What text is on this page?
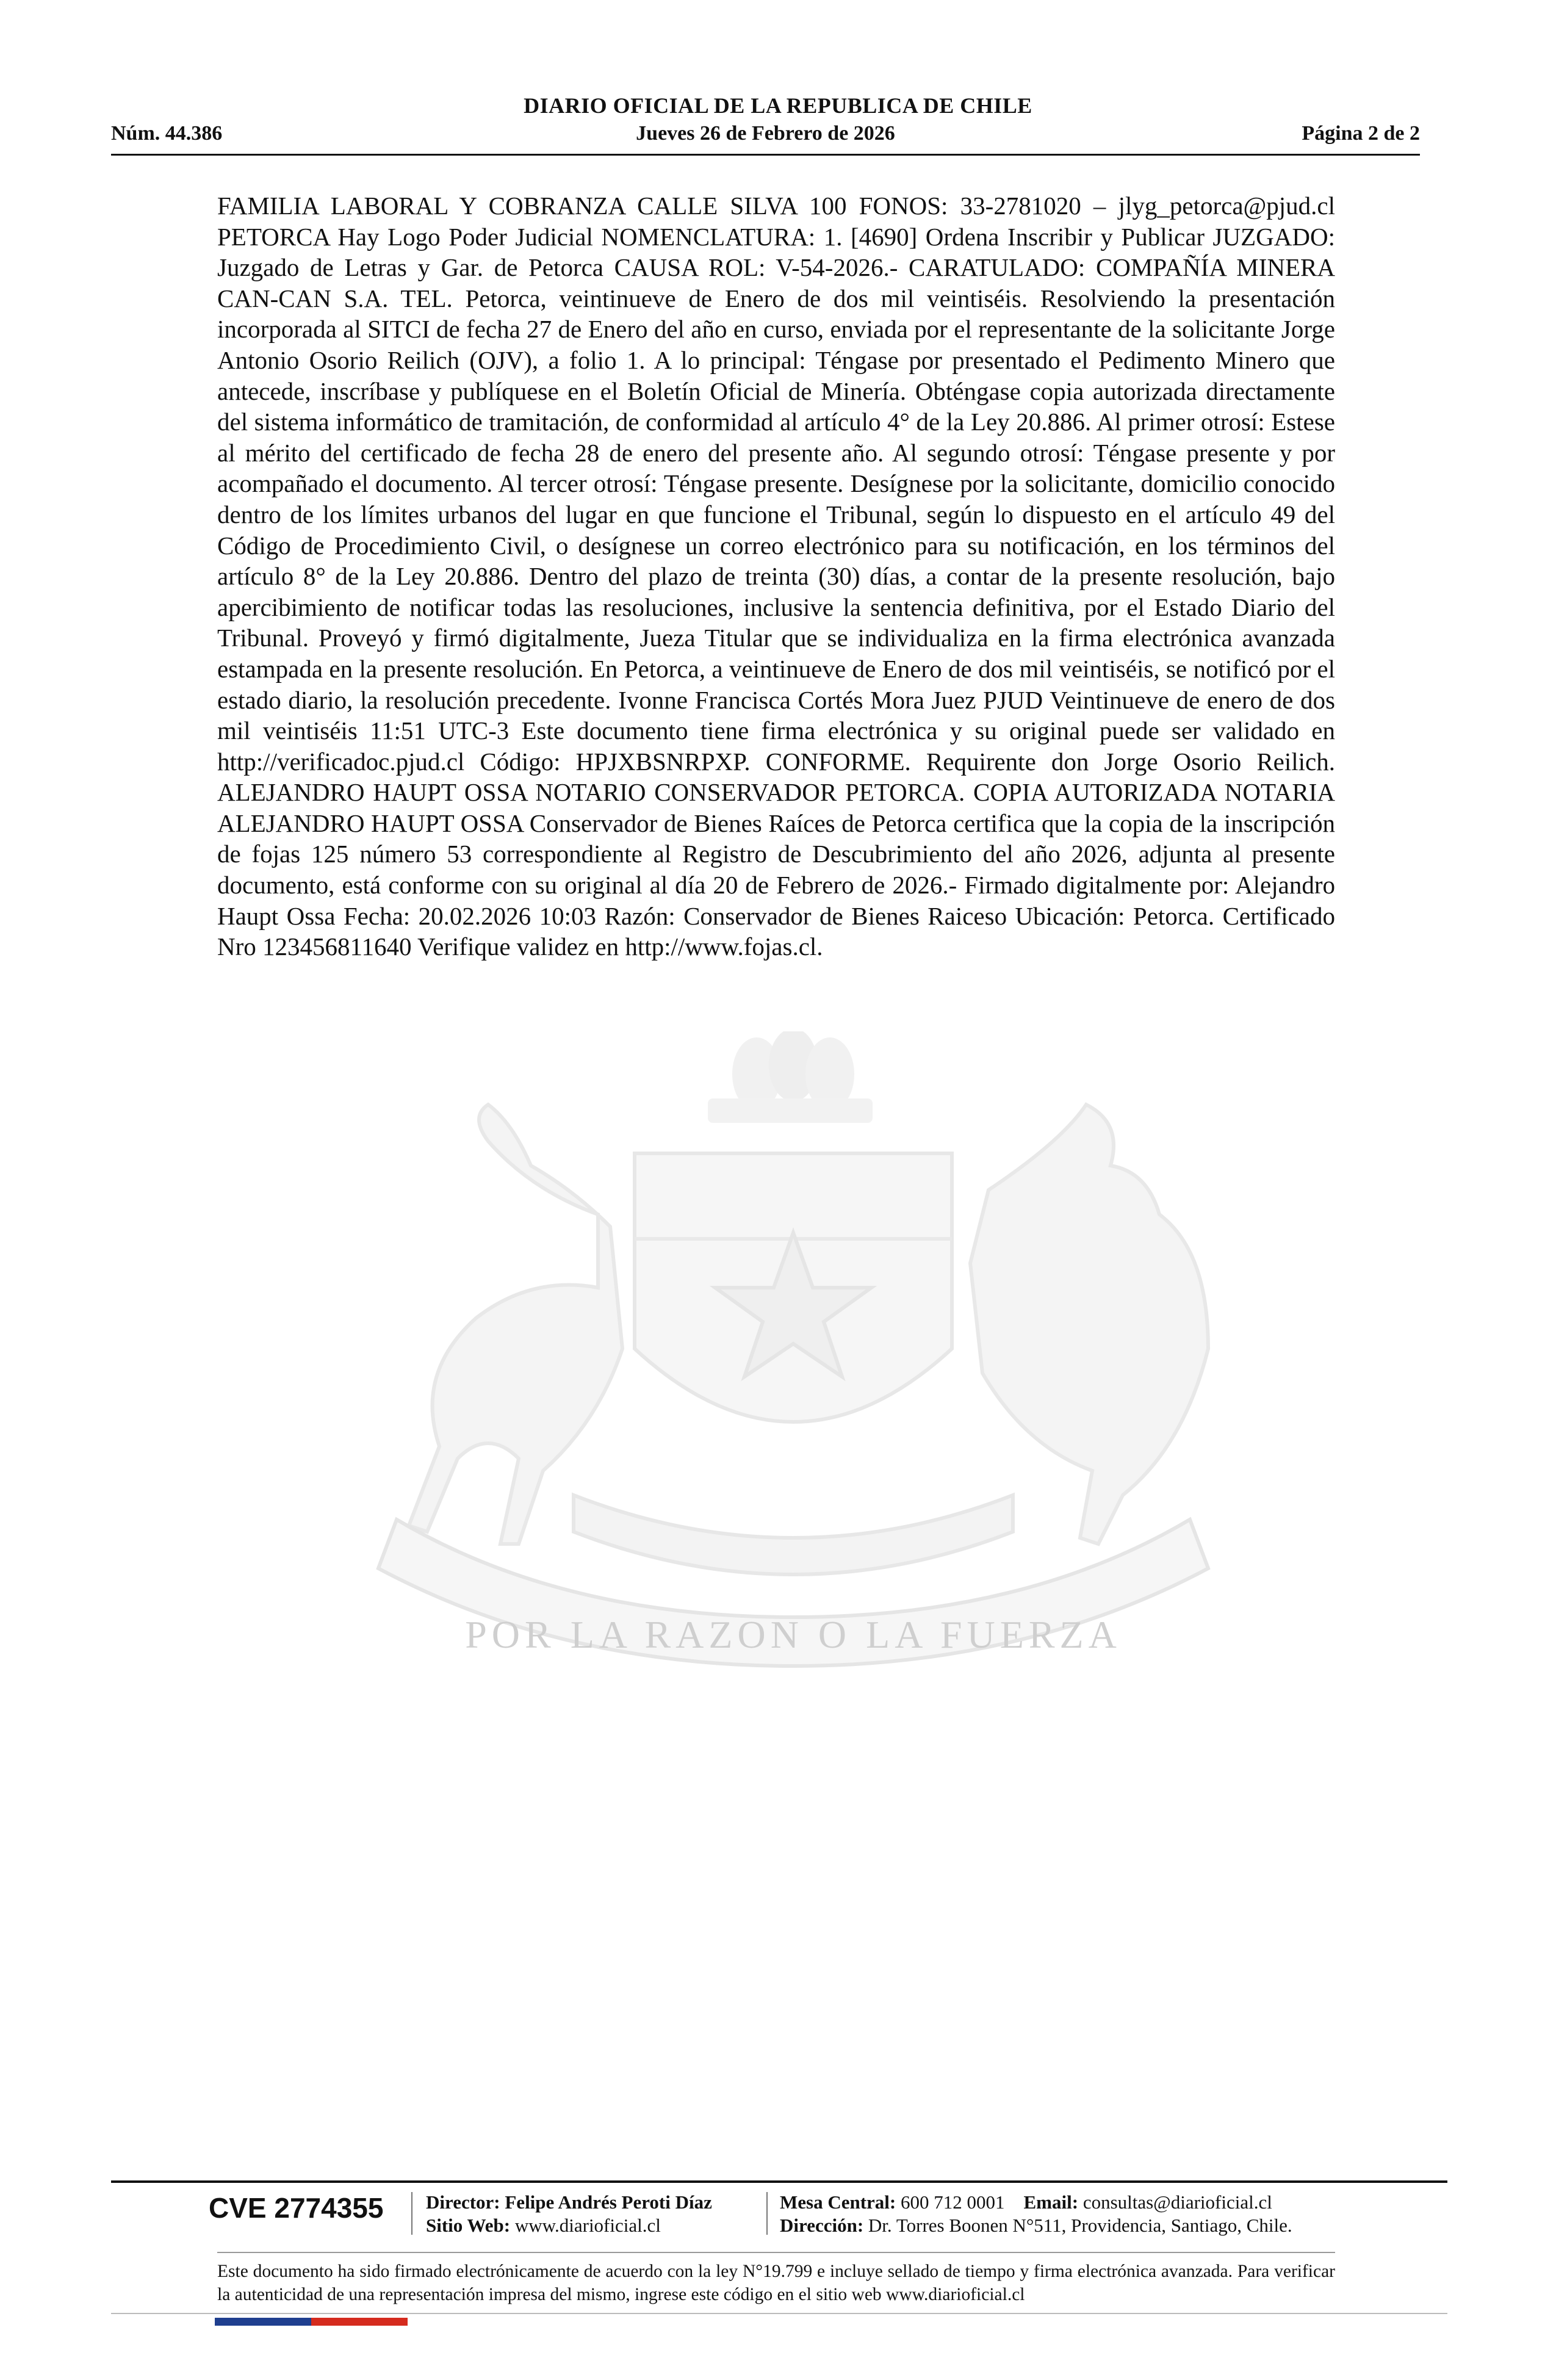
DIARIO OFICIAL DE LA REPUBLICA DE CHILE
Núm. 44.386	Jueves 26 de Febrero de 2026	Página 2 de 2
POR LA RAZON O LA FUERZA
FAMILIA LABORAL Y COBRANZA CALLE SILVA 100 FONOS: 33-2781020 – jlyg_petorca@pjud.cl PETORCA Hay Logo Poder Judicial NOMENCLATURA: 1. [4690] Ordena Inscribir y Publicar JUZGADO: Juzgado de Letras y Gar. de Petorca CAUSA ROL: V-54-2026.- CARATULADO: COMPAÑÍA MINERA CAN-CAN S.A. TEL. Petorca, veintinueve de Enero de dos mil veintiséis. Resolviendo la presentación incorporada al SITCI de fecha 27 de Enero del año en curso, enviada por el representante de la solicitante Jorge Antonio Osorio Reilich (OJV), a folio 1. A lo principal: Téngase por presentado el Pedimento Minero que antecede, inscríbase y publíquese en el Boletín Oficial de Minería. Obténgase copia autorizada directamente del sistema informático de tramitación, de conformidad al artículo 4° de la Ley 20.886. Al primer otrosí: Estese al mérito del certificado de fecha 28 de enero del presente año. Al segundo otrosí: Téngase presente y por acompañado el documento. Al tercer otrosí: Téngase presente. Desígnese por la solicitante, domicilio conocido dentro de los límites urbanos del lugar en que funcione el Tribunal, según lo dispuesto en el artículo 49 del Código de Procedimiento Civil, o desígnese un correo electrónico para su notificación, en los términos del artículo 8° de la Ley 20.886. Dentro del plazo de treinta (30) días, a contar de la presente resolución, bajo apercibimiento de notificar todas las resoluciones, inclusive la sentencia definitiva, por el Estado Diario del Tribunal. Proveyó y firmó digitalmente, Jueza Titular que se individualiza en la firma electrónica avanzada estampada en la presente resolución. En Petorca, a veintinueve de Enero de dos mil veintiséis, se notificó por el estado diario, la resolución precedente. Ivonne Francisca Cortés Mora Juez PJUD Veintinueve de enero de dos mil veintiséis 11:51 UTC-3 Este documento tiene firma electrónica y su original puede ser validado en http://verificadoc.pjud.cl Código: HPJXBSNRPXP. CONFORME. Requirente don Jorge Osorio Reilich. ALEJANDRO HAUPT OSSA NOTARIO CONSERVADOR PETORCA. COPIA AUTORIZADA NOTARIA ALEJANDRO HAUPT OSSA Conservador de Bienes Raíces de Petorca certifica que la copia de la inscripción de fojas 125 número 53 correspondiente al Registro de Descubrimiento del año 2026, adjunta al presente documento, está conforme con su original al día 20 de Febrero de 2026.- Firmado digitalmente por: Alejandro Haupt Ossa Fecha: 20.02.2026 10:03 Razón: Conservador de Bienes Raiceso Ubicación: Petorca. Certificado Nro 123456811640 Verifique validez en http://www.fojas.cl.
CVE 2774355	Director: Felipe Andrés Peroti Díaz
Sitio Web: www.diarioficial.cl
Mesa Central: 600 712 0001 Email: consultas@diarioficial.cl
Dirección: Dr. Torres Boonen N°511, Providencia, Santiago, Chile.
Este documento ha sido firmado electrónicamente de acuerdo con la ley N°19.799 e incluye sellado de tiempo y firma electrónica avanzada. Para verificar la autenticidad de una representación impresa del mismo, ingrese este código en el sitio web www.diarioficial.cl
